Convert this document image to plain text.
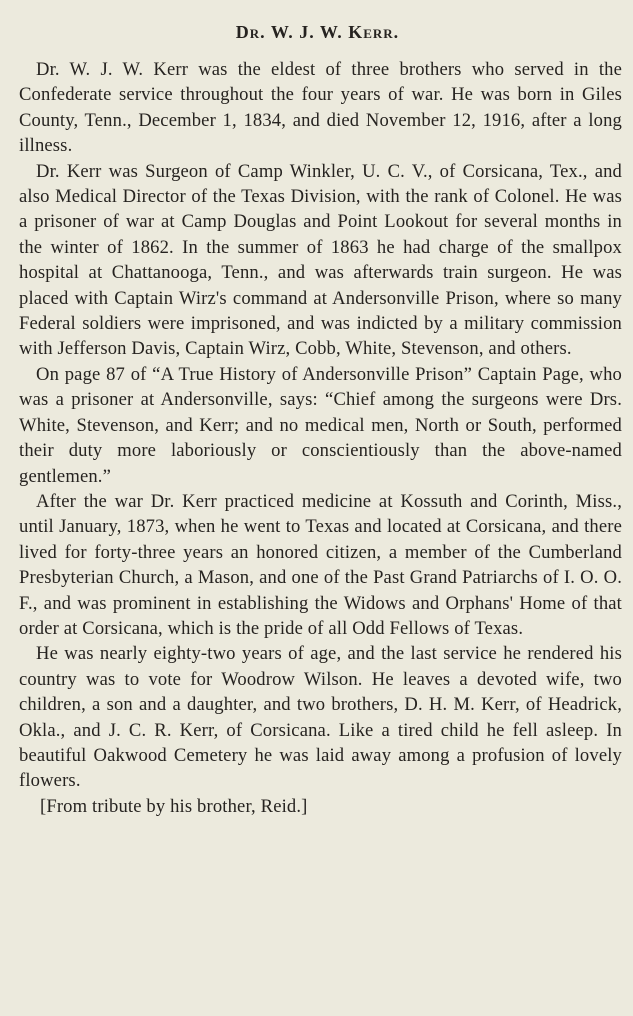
Dr. W. J. W. Kerr.

Dr. W. J. W. Kerr was the eldest of three brothers who served in the Confederate service throughout the four years of war. He was born in Giles County, Tenn., December 1, 1834, and died November 12, 1916, after a long illness.

Dr. Kerr was Surgeon of Camp Winkler, U. C. V., of Corsicana, Tex., and also Medical Director of the Texas Division, with the rank of Colonel. He was a prisoner of war at Camp Douglas and Point Lookout for several months in the winter of 1862. In the summer of 1863 he had charge of the smallpox hospital at Chattanooga, Tenn., and was afterwards train surgeon. He was placed with Captain Wirz's command at Andersonville Prison, where so many Federal soldiers were imprisoned, and was indicted by a military commission with Jefferson Davis, Captain Wirz, Cobb, White, Stevenson, and others.

On page 87 of “A True History of Andersonville Prison” Captain Page, who was a prisoner at Andersonville, says: “Chief among the surgeons were Drs. White, Stevenson, and Kerr; and no medical men, North or South, performed their duty more laboriously or conscientiously than the above-named gentlemen.”

After the war Dr. Kerr practiced medicine at Kossuth and Corinth, Miss., until January, 1873, when he went to Texas and located at Corsicana, and there lived for forty-three years an honored citizen, a member of the Cumberland Presbyterian Church, a Mason, and one of the Past Grand Patriarchs of I. O. O. F., and was prominent in establishing the Widows and Orphans' Home of that order at Corsicana, which is the pride of all Odd Fellows of Texas.

He was nearly eighty-two years of age, and the last service he rendered his country was to vote for Woodrow Wilson. He leaves a devoted wife, two children, a son and a daughter, and two brothers, D. H. M. Kerr, of Headrick, Okla., and J. C. R. Kerr, of Corsicana. Like a tired child he fell asleep. In beautiful Oakwood Cemetery he was laid away among a profusion of lovely flowers.

[From tribute by his brother, Reid.]
